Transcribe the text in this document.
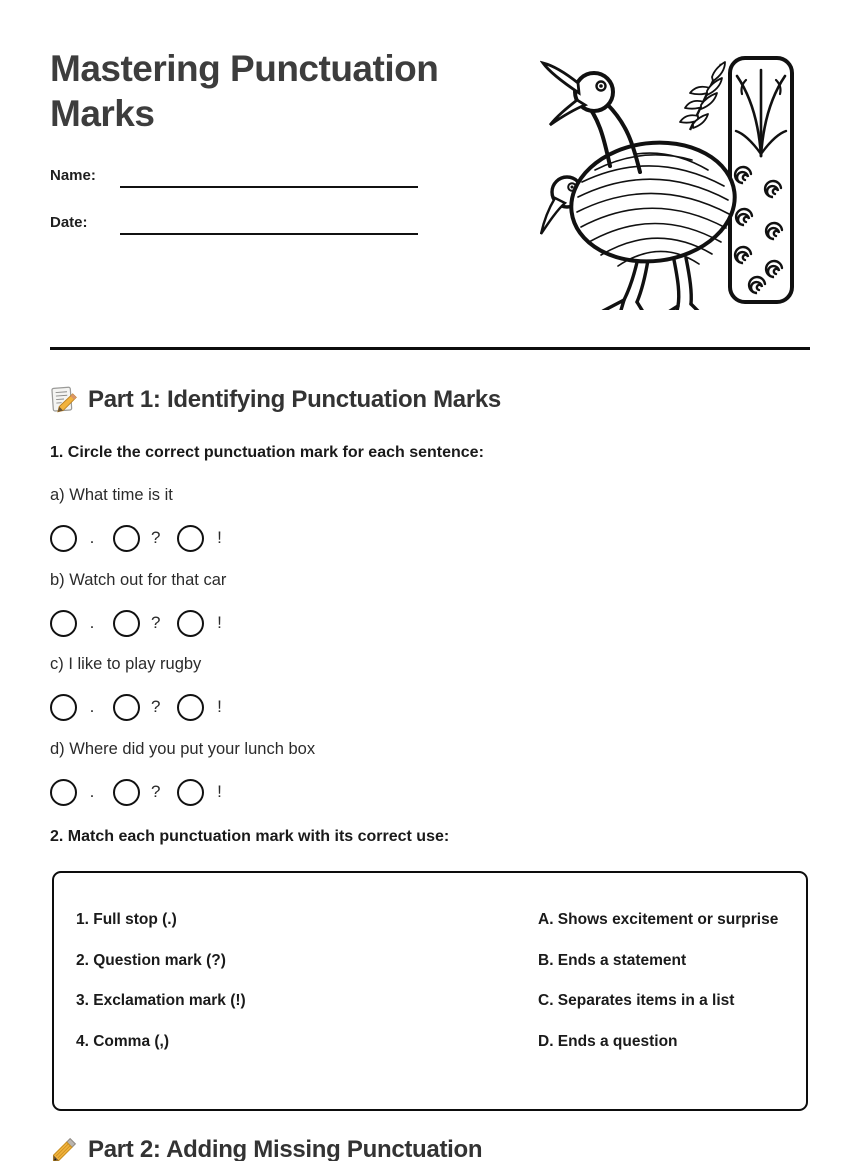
Mastering Punctuation Marks
Name:
Date:
Part 1: Identifying Punctuation Marks
1. Circle the correct punctuation mark for each sentence:
a) What time is it
.	?	!
b) Watch out for that car
.	?	!
c) I like to play rugby
.	?	!
d) Where did you put your lunch box
.	?	!
2. Match each punctuation mark with its correct use:
1. Full stop (.)	A. Shows excitement or surprise
2. Question mark (?)	B. Ends a statement
3. Exclamation mark (!)	C. Separates items in a list
4. Comma (,)	D. Ends a question
Part 2: Adding Missing Punctuation
